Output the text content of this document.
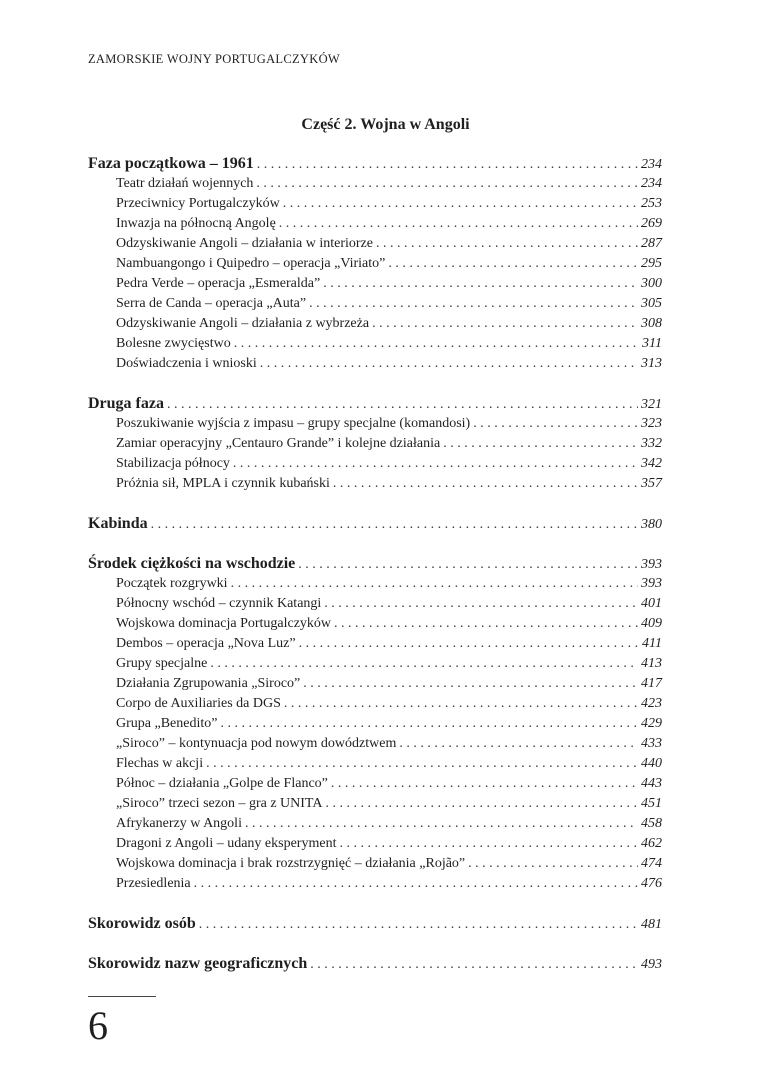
ZAMORSKIE WOJNY PORTUGALCZYKÓW
Część 2. Wojna w Angoli
Faza początkowa – 1961 . . .	234
Teatr działań wojennych . . .	234
Przeciwnicy Portugalczyków . . .	253
Inwazja na północną Angolę . . .	269
Odzyskiwanie Angoli – działania w interiorze . . .	287
Nambuangongo i Quipedro – operacja „Viriato” . . .	295
Pedra Verde – operacja „Esmeralda” . . .	300
Serra de Canda – operacja „Auta” . . .	305
Odzyskiwanie Angoli – działania z wybrzeża . . .	308
Bolesne zwycięstwo . . .	311
Doświadczenia i wnioski . . .	313
Druga faza . . .	321
Poszukiwanie wyjścia z impasu – grupy specjalne (komandosi) . . .	323
Zamiar operacyjny „Centauro Grande” i kolejne działania . . .	332
Stabilizacja północy . . .	342
Próżnia sił, MPLA i czynnik kubański . . .	357
Kabinda . . .	380
Środek ciężkości na wschodzie . . .	393
Początek rozgrywki . . .	393
Północny wschód – czynnik Katangi . . .	401
Wojskowa dominacja Portugalczyków . . .	409
Dembos – operacja „Nova Luz” . . .	411
Grupy specjalne . . .	413
Działania Zgrupowania „Siroco” . . .	417
Corpo de Auxiliaries da DGS . . .	423
Grupa „Benedito” . . .	429
„Siroco” – kontynuacja pod nowym dowództwem . . .	433
Flechas w akcji . . .	440
Północ – działania „Golpe de Flanco” . . .	443
„Siroco” trzeci sezon – gra z UNITA . . .	451
Afrykanerzy w Angoli . . .	458
Dragoni z Angoli – udany eksperyment . . .	462
Wojskowa dominacja i brak rozstrzygnięć – działania „Rojão” . . .	474
Przesiedlenia . . .	476
Skorowidz osób . . .	481
Skorowidz nazw geograficznych . . .	493
6
